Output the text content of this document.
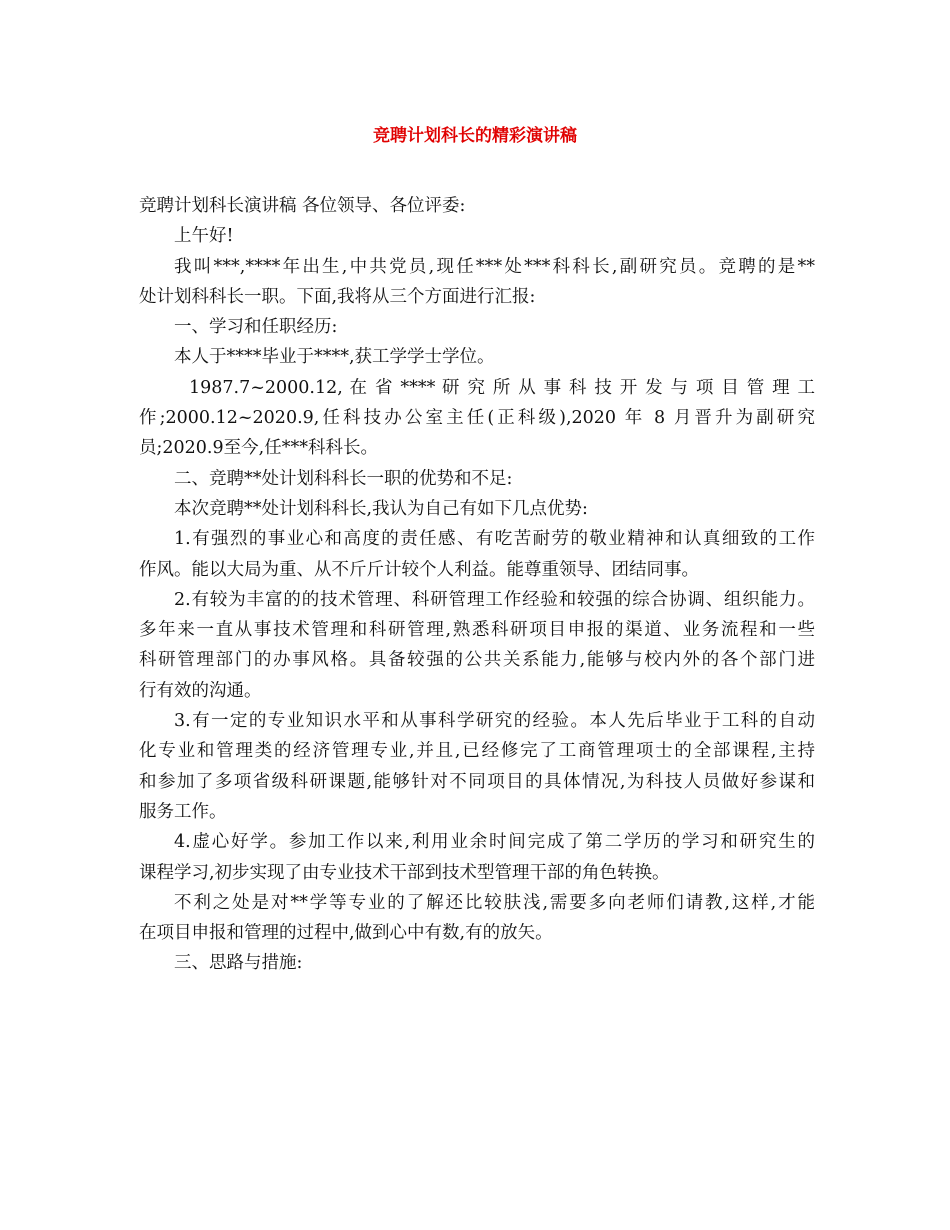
竞聘计划科长的精彩演讲稿
竞聘计划科长演讲稿 各位领导、各位评委:
上午好!
我叫***,****年出生,中共党员,现任***处***科科长,副研究员。竞聘的是**
处计划科科长一职。下面,我将从三个方面进行汇报:
一、学习和任职经历:
本人于****毕业于****,获工学学士学位。
1987.7~2000.12, 在 省 **** 研 究 所 从 事 科 技 开 发 与 项 目 管 理 工
作;2000.12~2020.9,任科技办公室主任(正科级),2020 年 8 月晋升为副研究
员;2020.9至今,任***科科长。
二、竞聘**处计划科科长一职的优势和不足:
本次竞聘**处计划科科长,我认为自己有如下几点优势:
1.有强烈的事业心和高度的责任感、有吃苦耐劳的敬业精神和认真细致的工作
作风。能以大局为重、从不斤斤计较个人利益。能尊重领导、团结同事。
2.有较为丰富的的技术管理、科研管理工作经验和较强的综合协调、组织能力。
多年来一直从事技术管理和科研管理,熟悉科研项目申报的渠道、业务流程和一些
科研管理部门的办事风格。具备较强的公共关系能力,能够与校内外的各个部门进
行有效的沟通。
3.有一定的专业知识水平和从事科学研究的经验。本人先后毕业于工科的自动
化专业和管理类的经济管理专业,并且,已经修完了工商管理项士的全部课程,主持
和参加了多项省级科研课题,能够针对不同项目的具体情况,为科技人员做好参谋和
服务工作。
4.虚心好学。参加工作以来,利用业余时间完成了第二学历的学习和研究生的
课程学习,初步实现了由专业技术干部到技术型管理干部的角色转换。
不利之处是对**学等专业的了解还比较肤浅,需要多向老师们请教,这样,才能
在项目申报和管理的过程中,做到心中有数,有的放矢。
三、思路与措施:
